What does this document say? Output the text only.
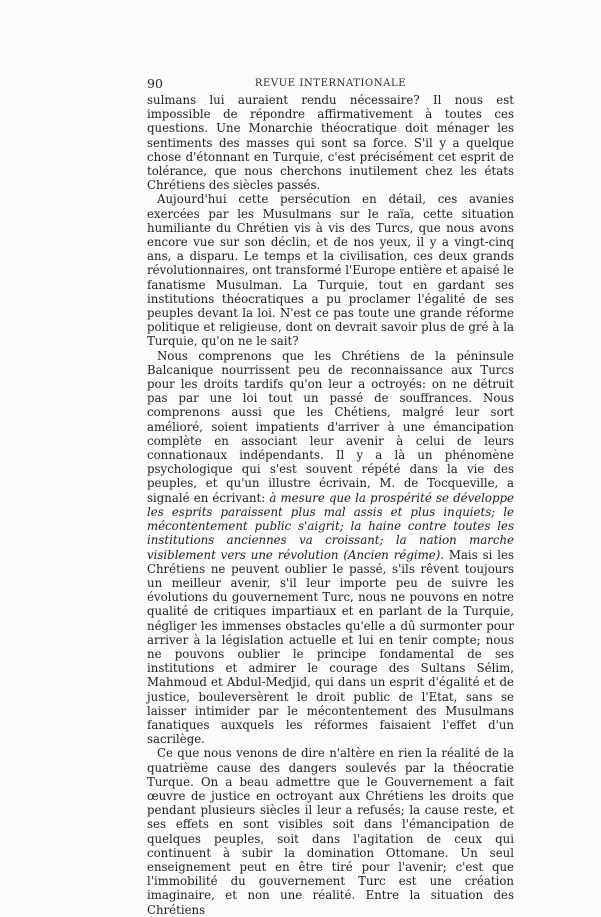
90	REVUE INTERNATIONALE

sulmans lui auraient rendu nécessaire? Il nous est impossible de répondre affirmativement à toutes ces questions. Une Monarchie théocratique doit ménager les sentiments des masses qui sont sa force. S'il y a quelque chose d'étonnant en Turquie, c'est précisément cet esprit de tolérance, que nous cherchons inutilement chez les états Chrétiens des siècles passés.

Aujourd'hui cette persécution en détail, ces avanies exercées par les Musulmans sur le raïa, cette situation humiliante du Chrétien vis à vis des Turcs, que nous avons encore vue sur son déclin, et de nos yeux, il y a vingt-cinq ans, a disparu. Le temps et la civilisation, ces deux grands révolutionnaires, ont transformé l'Europe entière et apaisé le fanatisme Musulman. La Turquie, tout en gardant ses institutions théocratiques a pu proclamer l'égalité de ses peuples devant la loi. N'est ce pas toute une grande réforme politique et religieuse, dont on devrait savoir plus de gré à la Turquie, qu'on ne le sait?

Nous comprenons que les Chrétiens de la péninsule Balcanique nourrissent peu de reconnaissance aux Turcs pour les droits tardifs qu'on leur a octroyés: on ne détruit pas par une loi tout un passé de souffrances. Nous comprenons aussi que les Chétiens, malgré leur sort amélioré, soient impatients d'arriver à une émancipation complète en associant leur avenir à celui de leurs connationaux indépendants. Il y a là un phénomène psychologique qui s'est souvent répété dans la vie des peuples, et qu'un illustre écrivain, M. de Tocqueville, a signalé en écrivant: à mesure que la prospérité se développe les esprits paraissent plus mal assis et plus inquiets; le mécontentement public s'aigrit; la haine contre toutes les institutions anciennes va croissant; la nation marche visiblement vers une révolution (Ancien régime). Mais si les Chrétiens ne peuvent oublier le passé, s'ils rêvent toujours un meilleur avenir, s'il leur importe peu de suivre les évolutions du gouvernement Turc, nous ne pouvons en notre qualité de critiques impartiaux et en parlant de la Turquie, négliger les immenses obstacles qu'elle a dû surmonter pour arriver à la législation actuelle et lui en tenir compte; nous ne pouvons oublier le principe fondamental de ses institutions et admirer le courage des Sultans Sélim, Mahmoud et Abdul-Medjid, qui dans un esprit d'égalité et de justice, bouleversèrent le droit public de l'Etat, sans se laisser intimider par le mécontentement des Musulmans fanatiques auxquels les réformes faisaient l'effet d'un sacrilège.

Ce que nous venons de dire n'altère en rien la réalité de la quatrième cause des dangers soulevés par la théocratie Turque. On a beau admettre que le Gouvernement a fait œuvre de justice en octroyant aux Chrétiens les droits que pendant plusieurs siècles il leur a refusés; la cause reste, et ses effets en sont visibles soit dans l'émancipation de quelques peuples, soit dans l'agitation de ceux qui continuent à subir la domination Ottomane. Un seul enseignement peut en être tiré pour l'avenir; c'est que l'immobilité du gouvernement Turc est une création imaginaire, et non une réalité. Entre la situation des Chrétiens
